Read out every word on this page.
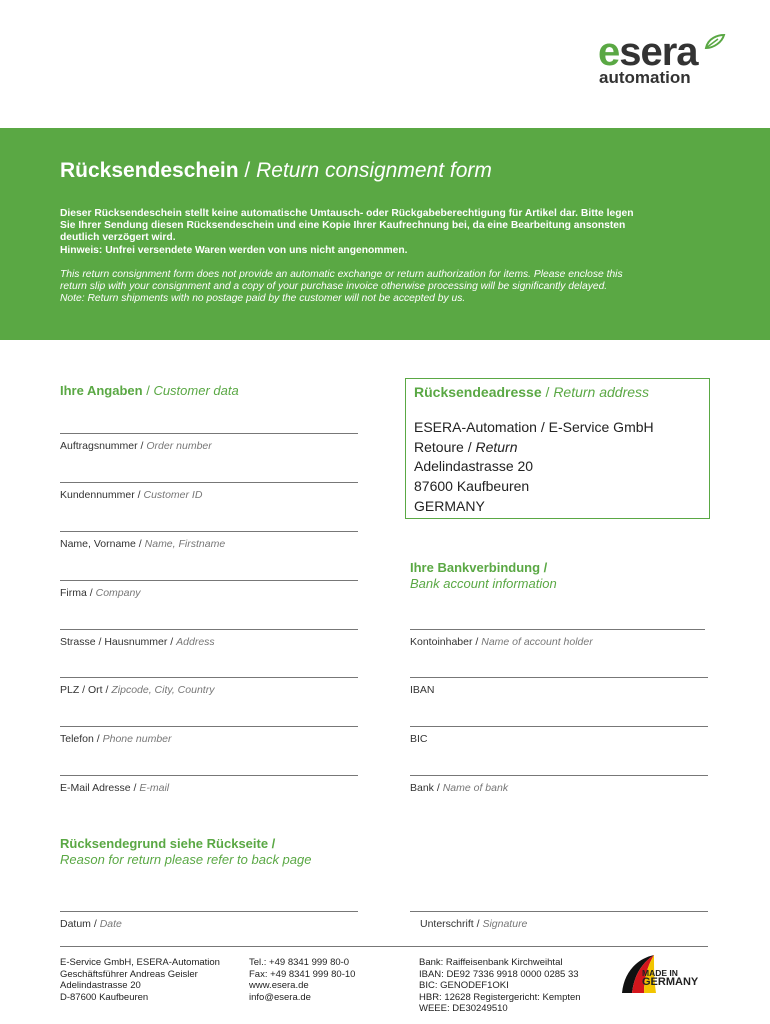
esera
automation
Rücksendeschein / Return consignment form
Dieser Rücksendeschein stellt keine automatische Umtausch- oder Rückgabeberechtigung für Artikel dar. Bitte legen
Sie Ihrer Sendung diesen Rücksendeschein und eine Kopie Ihrer Kaufrechnung bei, da eine Bearbeitung ansonsten
deutlich verzögert wird.
Hinweis: Unfrei versendete Waren werden von uns nicht angenommen.
This return consignment form does not provide an automatic exchange or return authorization for items. Please enclose this
return slip with your consignment and a copy of your purchase invoice otherwise processing will be significantly delayed.
Note: Return shipments with no postage paid by the customer will not be accepted by us.
Ihre Angaben / Customer data
Auftragsnummer / Order number
Kundennummer / Customer ID
Name, Vorname / Name, Firstname
Firma / Company
Strasse / Hausnummer / Address
PLZ / Ort / Zipcode, City, Country
Telefon / Phone number
E-Mail Adresse / E-mail
Rücksendeadresse / Return address
ESERA-Automation / E-Service GmbH
Retoure / Return
Adelindastrasse 20
87600 Kaufbeuren
GERMANY
Ihre Bankverbindung /
Bank account information
Kontoinhaber / Name of account holder
IBAN
BIC
Bank / Name of bank
Rücksendegrund siehe Rückseite /
Reason for return please refer to back page
Datum / Date	Unterschrift / Signature
E-Service GmbH, ESERA-Automation
Geschäftsführer Andreas Geisler
Adelindastrasse 20
D-87600 Kaufbeuren
Tel.: +49 8341 999 80-0
Fax: +49 8341 999 80-10
www.esera.de
info@esera.de
Bank: Raiffeisenbank Kirchweihtal
IBAN: DE92 7336 9918 0000 0285 33
BIC: GENODEF1OKI
HBR: 12628 Registergericht: Kempten
WEEE: DE30249510
MADE IN
GERMANY
